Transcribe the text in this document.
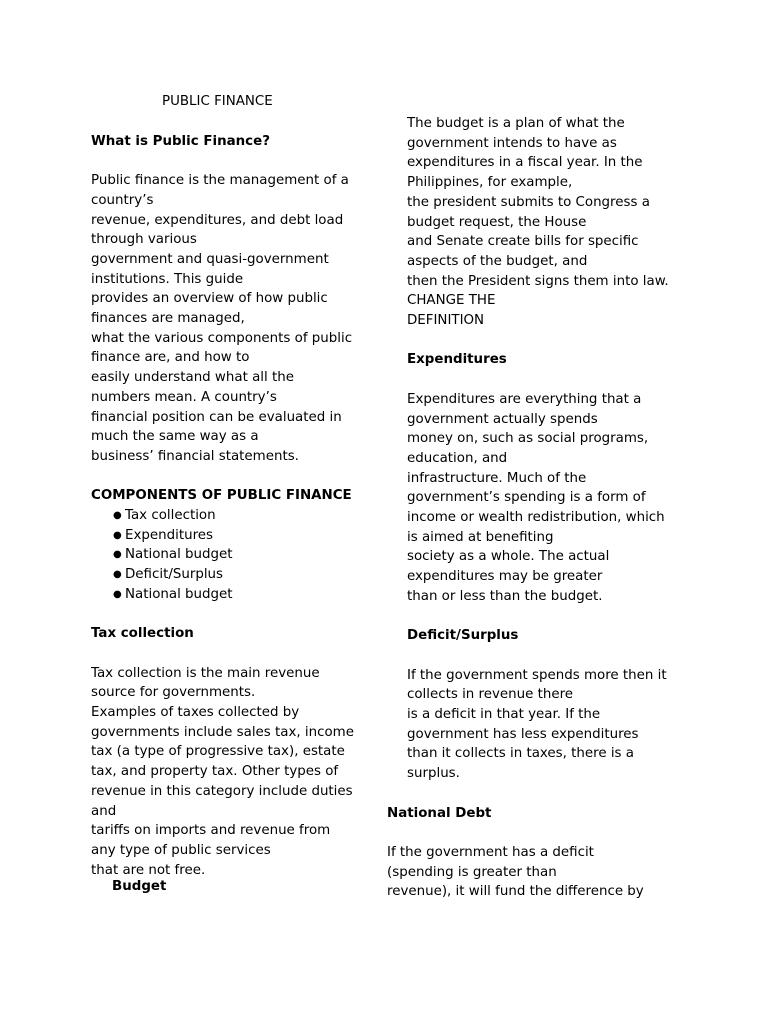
PUBLIC FINANCE

What is Public Finance?

Public finance is the management of a
country’s
revenue, expenditures, and debt load
through various
government and quasi-government
institutions. This guide
provides an overview of how public
finances are managed,
what the various components of public
finance are, and how to
easily understand what all the
numbers mean. A country’s
financial position can be evaluated in
much the same way as a
business’ financial statements.

COMPONENTS OF PUBLIC FINANCE

● Tax collection
● Expenditures
● National budget
● Deficit/Surplus
● National budget

Tax collection

Tax collection is the main revenue
source for governments.
Examples of taxes collected by
governments include sales tax, income
tax (a type of progressive tax), estate
tax, and property tax. Other types of
revenue in this category include duties
and
tariffs on imports and revenue from
any type of public services
that are not free.

Budget

The budget is a plan of what the
government intends to have as
expenditures in a fiscal year. In the
Philippines, for example,
the president submits to Congress a
budget request, the House
and Senate create bills for specific
aspects of the budget, and
then the President signs them into law.
CHANGE THE
DEFINITION

Expenditures

Expenditures are everything that a
government actually spends
money on, such as social programs,
education, and
infrastructure. Much of the
government’s spending is a form of
income or wealth redistribution, which
is aimed at benefiting
society as a whole. The actual
expenditures may be greater
than or less than the budget.

Deficit/Surplus

If the government spends more then it
collects in revenue there
is a deficit in that year. If the
government has less expenditures
than it collects in taxes, there is a
surplus.

National Debt

If the government has a deficit
(spending is greater than
revenue), it will fund the difference by
